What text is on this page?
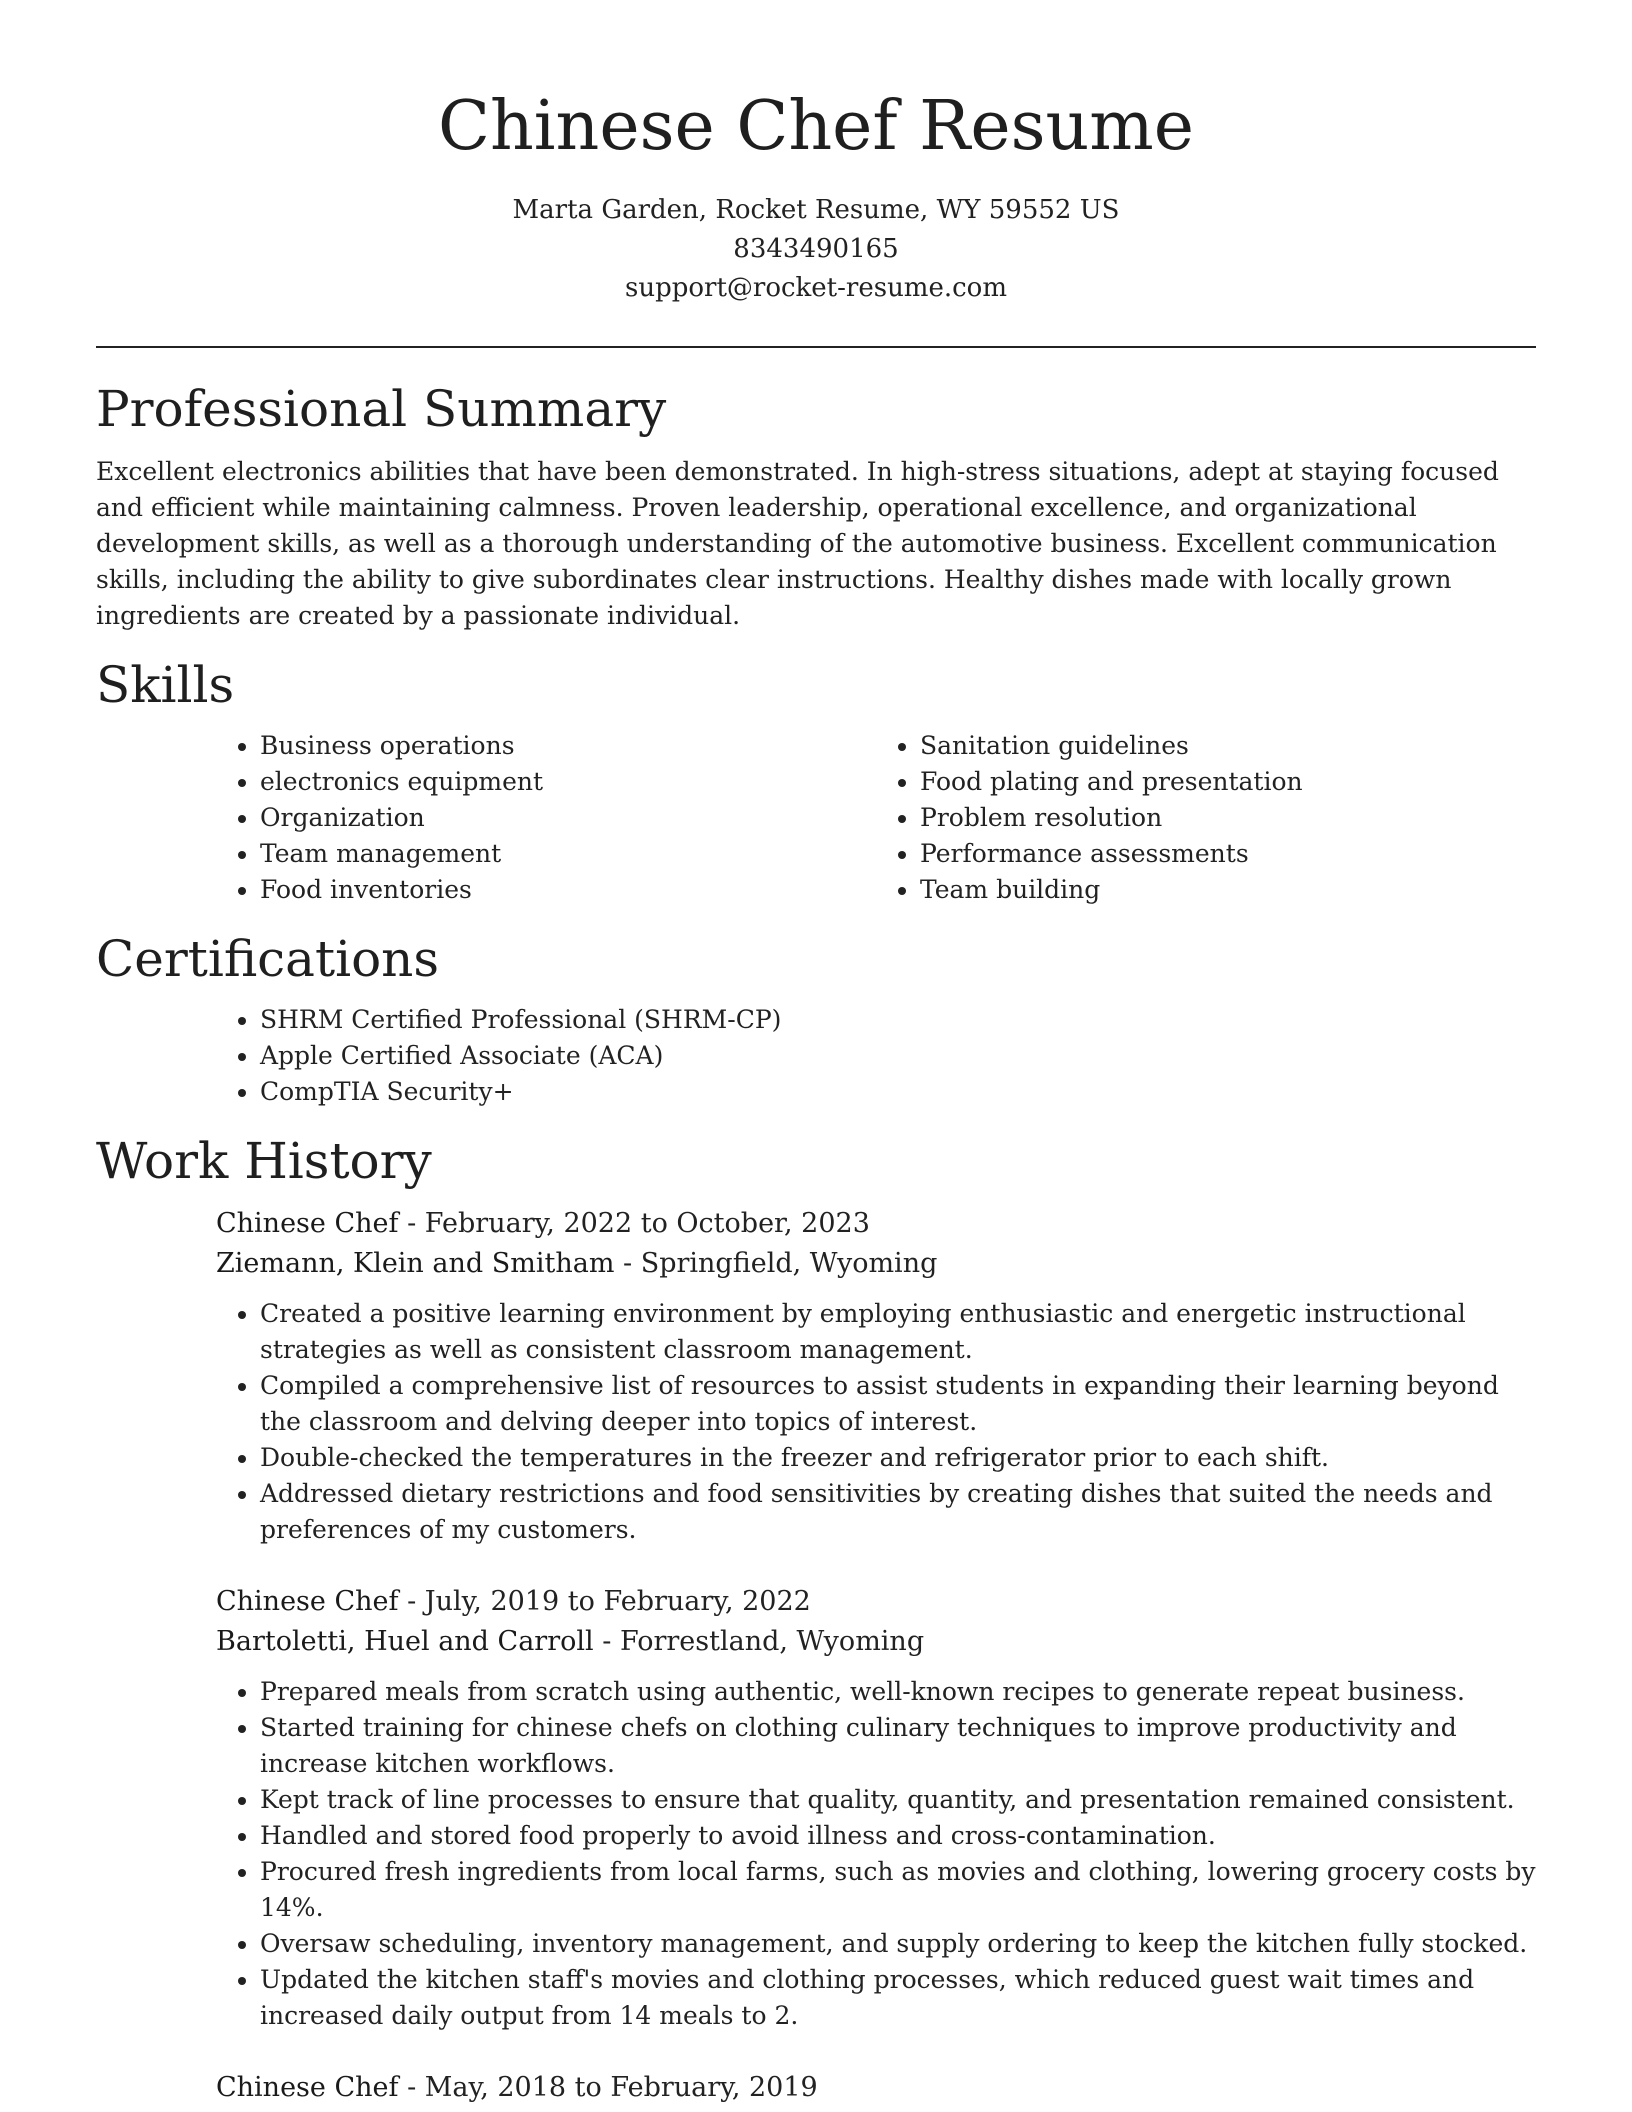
Chinese Chef Resume
Marta Garden, Rocket Resume, WY 59552 US
8343490165
support@rocket-resume.com
Professional Summary

Excellent electronics abilities that have been demonstrated. In high-stress situations, adept at staying focused and efficient while maintaining calmness. Proven leadership, operational excellence, and organizational development skills, as well as a thorough understanding of the automotive business. Excellent communication skills, including the ability to give subordinates clear instructions. Healthy dishes made with locally grown ingredients are created by a passionate individual.

Skills
• Business operations
• electronics equipment
• Organization
• Team management
• Food inventories
• Sanitation guidelines
• Food plating and presentation
• Problem resolution
• Performance assessments
• Team building
Certifications
• SHRM Certified Professional (SHRM-CP)
• Apple Certified Associate (ACA)
• CompTIA Security+
Work History
Chinese Chef - February, 2022 to October, 2023
Ziemann, Klein and Smitham - Springfield, Wyoming
• Created a positive learning environment by employing enthusiastic and energetic instructional strategies as well as consistent classroom management.
• Compiled a comprehensive list of resources to assist students in expanding their learning beyond the classroom and delving deeper into topics of interest.
• Double-checked the temperatures in the freezer and refrigerator prior to each shift.
• Addressed dietary restrictions and food sensitivities by creating dishes that suited the needs and preferences of my customers.
Chinese Chef - July, 2019 to February, 2022
Bartoletti, Huel and Carroll - Forrestland, Wyoming
• Prepared meals from scratch using authentic, well-known recipes to generate repeat business.
• Started training for chinese chefs on clothing culinary techniques to improve productivity and increase kitchen workflows.
• Kept track of line processes to ensure that quality, quantity, and presentation remained consistent.
• Handled and stored food properly to avoid illness and cross-contamination.
• Procured fresh ingredients from local farms, such as movies and clothing, lowering grocery costs by 14%.
• Oversaw scheduling, inventory management, and supply ordering to keep the kitchen fully stocked.
• Updated the kitchen staff's movies and clothing processes, which reduced guest wait times and increased daily output from 14 meals to 2.
Chinese Chef - May, 2018 to February, 2019
